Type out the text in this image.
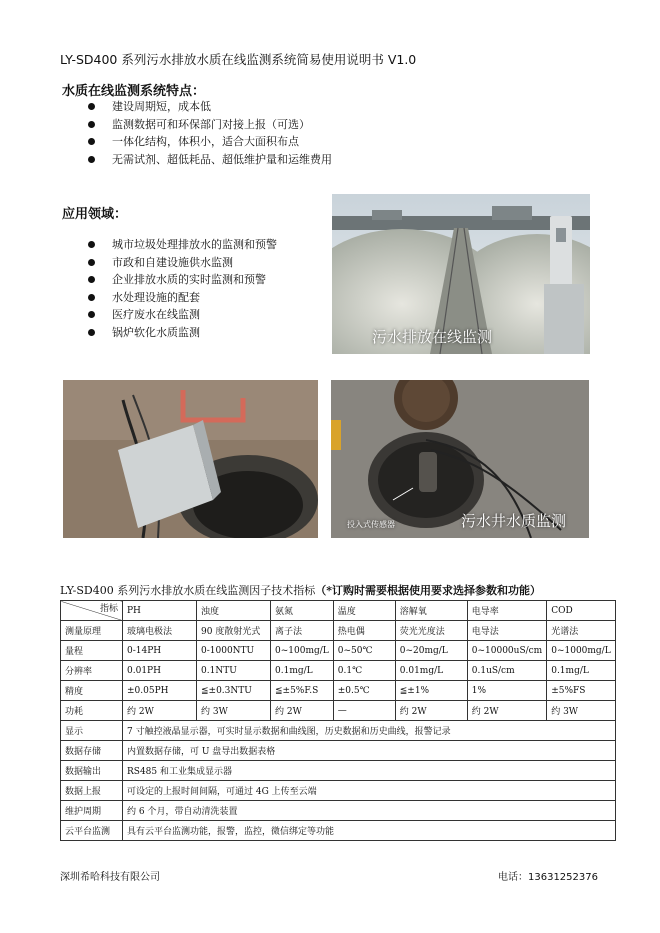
LY-SD400 系列污水排放水质在线监测系统简易使用说明书 V1.0
水质在线监测系统特点：
建设周期短，成本低
监测数据可和环保部门对接上报（可选）
一体化结构，体积小，适合大面积布点
无需试剂、超低耗品、超低维护量和运维费用
应用领域：
城市垃圾处理排放水的监测和预警
市政和自建设施供水监测
企业排放水质的实时监测和预警
水处理设施的配套
医疗废水在线监测
锅炉软化水质监测	污水排放在线监测
投入式传感器	污水井水质监测
LY-SD400 系列污水排放水质在线监测因子技术指标（*订购时需要根据使用要求选择参数和功能）
指标	PH	浊度	氨氮	温度	溶解氧	电导率	COD
测量原理	玻璃电极法	90 度散射光式	离子法	热电偶	荧光光度法	电导法	光谱法
量程	0-14PH	0-1000NTU	0~100mg/L	0~50℃	0~20mg/L	0~10000uS/cm	0~1000mg/L
分辨率	0.01PH	0.1NTU	0.1mg/L	0.1℃	0.01mg/L	0.1uS/cm	0.1mg/L
精度	±0.05PH	≦±0.3NTU	≦±5%F.S	±0.5℃	≦±1%	1%	±5%FS
功耗	约 2W	约 3W	约 2W	—	约 2W	约 2W	约 3W
显示	7 寸触控液晶显示器，可实时显示数据和曲线图，历史数据和历史曲线，报警记录						
数据存储	内置数据存储，可 U 盘导出数据表格						
数据输出	RS485 和工业集成显示器						
数据上报	可设定的上报时间间隔，可通过 4G 上传至云端						
维护周期	约 6 个月，带自动清洗装置						
云平台监测	具有云平台监测功能，报警，监控，微信绑定等功能						
深圳希哈科技有限公司	电话：13631252376
